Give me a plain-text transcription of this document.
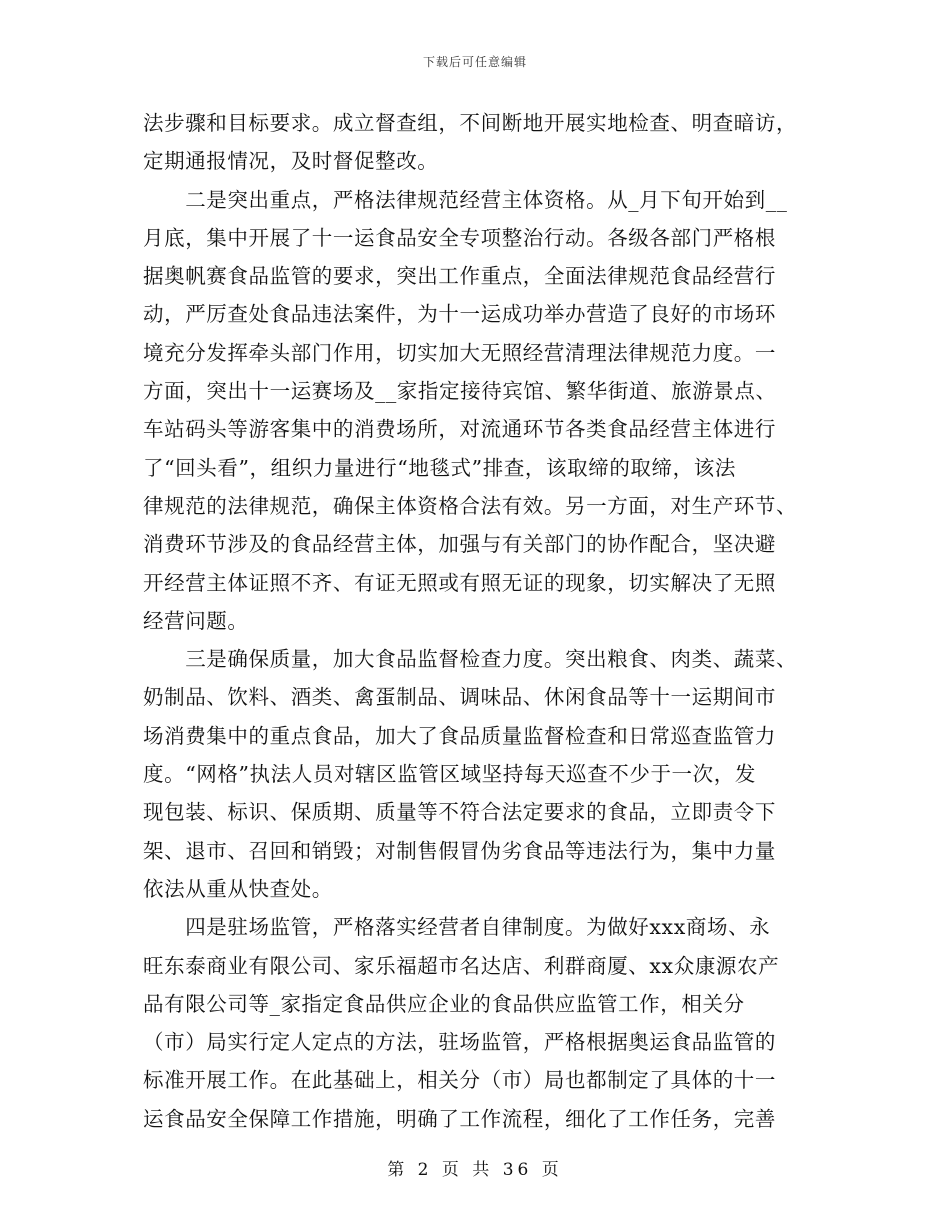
下载后可任意编辑
法步骤和目标要求。成立督查组，不间断地开展实地检查、明查暗访，
定期通报情况，及时督促整改。
　　二是突出重点，严格法律规范经营主体资格。从_月下旬开始到__
月底，集中开展了十一运食品安全专项整治行动。各级各部门严格根
据奥帆赛食品监管的要求，突出工作重点，全面法律规范食品经营行
动，严厉查处食品违法案件，为十一运成功举办营造了良好的市场环
境充分发挥牵头部门作用，切实加大无照经营清理法律规范力度。一
方面，突出十一运赛场及__家指定接待宾馆、繁华街道、旅游景点、
车站码头等游客集中的消费场所，对流通环节各类食品经营主体进行
了“回头看”，组织力量进行“地毯式”排查，该取缔的取缔，该法
律规范的法律规范，确保主体资格合法有效。另一方面，对生产环节、
消费环节涉及的食品经营主体，加强与有关部门的协作配合，坚决避
开经营主体证照不齐、有证无照或有照无证的现象，切实解决了无照
经营问题。
　　三是确保质量，加大食品监督检查力度。突出粮食、肉类、蔬菜、
奶制品、饮料、酒类、禽蛋制品、调味品、休闲食品等十一运期间市
场消费集中的重点食品，加大了食品质量监督检查和日常巡查监管力
度。“网格”执法人员对辖区监管区域坚持每天巡查不少于一次，发
现包装、标识、保质期、质量等不符合法定要求的食品，立即责令下
架、退市、召回和销毁；对制售假冒伪劣食品等违法行为，集中力量
依法从重从快查处。
　　四是驻场监管，严格落实经营者自律制度。为做好xxx商场、永
旺东泰商业有限公司、家乐福超市名达店、利群商厦、xx众康源农产
品有限公司等_家指定食品供应企业的食品供应监管工作，相关分
（市）局实行定人定点的方法，驻场监管，严格根据奥运食品监管的
标准开展工作。在此基础上，相关分（市）局也都制定了具体的十一
运食品安全保障工作措施，明确了工作流程，细化了工作任务，完善
第 2 页 共 36 页
